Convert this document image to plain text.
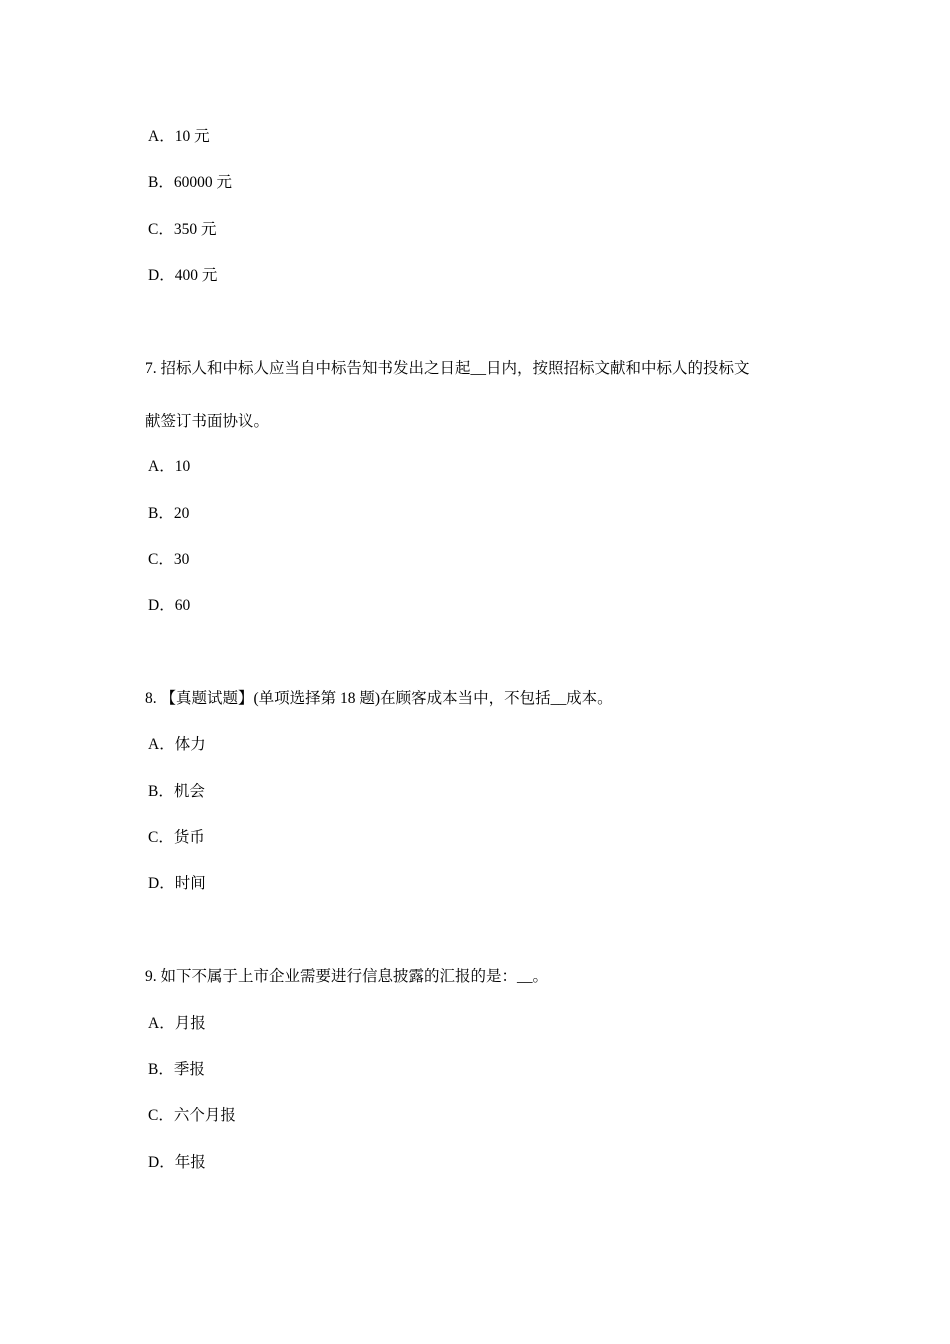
A．10 元
B．60000 元
C．350 元
D．400 元
7. 招标人和中标人应当自中标告知书发出之日起__日内，按照招标文献和中标人的投标文
献签订书面协议。
A．10
B．20
C．30
D．60
8. 【真题试题】(单项选择第 18 题)在顾客成本当中，不包括__成本。
A．体力
B．机会
C．货币
D．时间
9. 如下不属于上市企业需要进行信息披露的汇报的是：__。
A．月报
B．季报
C．六个月报
D．年报
